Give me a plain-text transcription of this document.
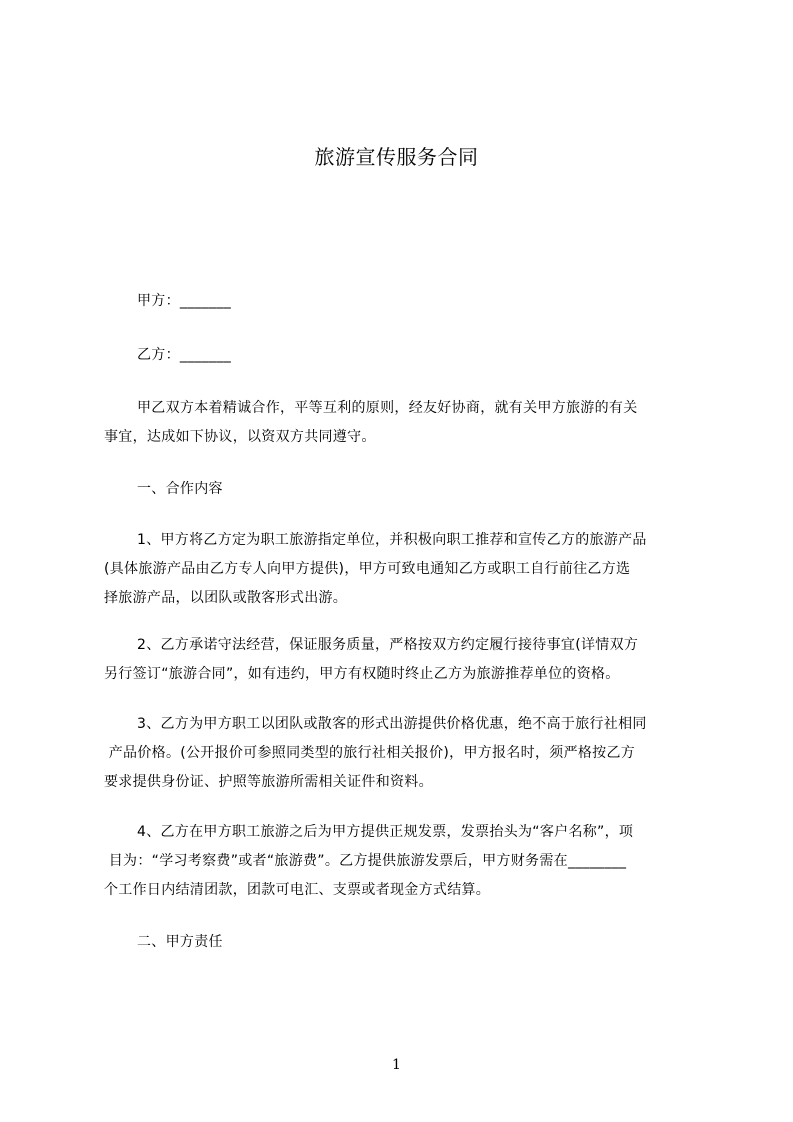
旅游宣传服务合同
甲方：_______
乙方：_______
甲乙双方本着精诚合作，平等互利的原则，经友好协商，就有关甲方旅游的有关
事宜，达成如下协议，以资双方共同遵守。
一、合作内容
1、甲方将乙方定为职工旅游指定单位，并积极向职工推荐和宣传乙方的旅游产品
(具体旅游产品由乙方专人向甲方提供)，甲方可致电通知乙方或职工自行前往乙方选
择旅游产品，以团队或散客形式出游。
2、乙方承诺守法经营，保证服务质量，严格按双方约定履行接待事宜(详情双方
另行签订“旅游合同”，如有违约，甲方有权随时终止乙方为旅游推荐单位的资格。
3、乙方为甲方职工以团队或散客的形式出游提供价格优惠，绝不高于旅行社相同
产品价格。(公开报价可参照同类型的旅行社相关报价)，甲方报名时，须严格按乙方
要求提供身份证、护照等旅游所需相关证件和资料。
4、乙方在甲方职工旅游之后为甲方提供正规发票，发票抬头为“客户名称”，项
目为：“学习考察费”或者“旅游费”。乙方提供旅游发票后，甲方财务需在________
个工作日内结清团款，团款可电汇、支票或者现金方式结算。
二、甲方责任
1
